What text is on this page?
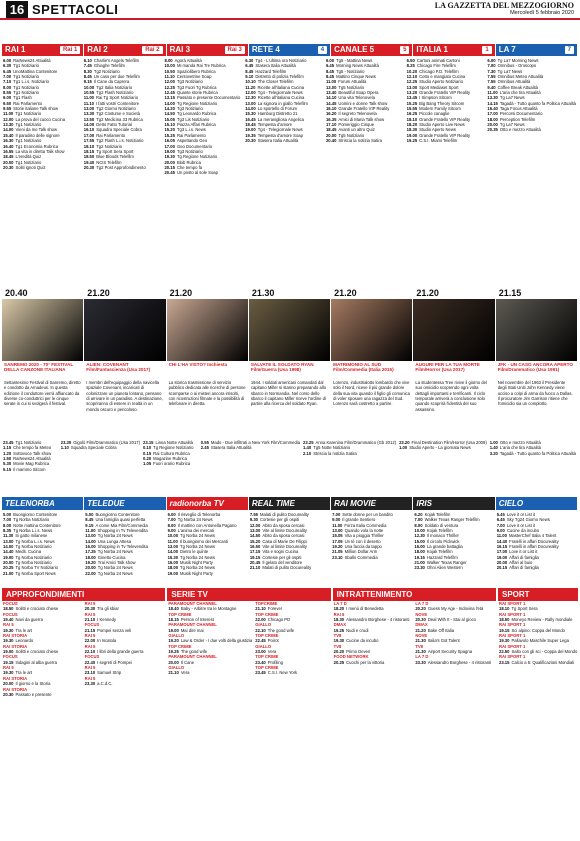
16 SPETTACOLI	LA GAZZETTA DEL MEZZOGIORNO
Mercoledì 5 febbraio 2020
RAI 1	Rai 1	RAI 2	Rai 2	RAI 3	Rai 3	RETE 4	4	CANALE 5	5	ITALIA 1	1	LA 7	7
6.00 RaiNews24 Attualità
6.30 Tg1 Notiziario
6.45 UnoMattina Contenitore
7.00 Tg1 Notiziario
7.10 Tg1 L.i.s. Notiziario
8.00 Tg1 Notiziario
8.55 Tg1 Notiziario
9.00 Tg1 Flash
9.50 Rai Parlamento
9.55 Storie italiane Talk show
11.00 Tg1 Notiziario
12.00 La prova del cuoco Cucina
13.30 Tg1 Notiziario
14.00 Vieni da me Talk show
15.40 Il paradiso delle signore
16.30 Tg1 Notiziario
16.40 Tg1 Economia Rubrica
16.55 La vita in diretta Talk show
18.45 L'eredità Quiz
20.00 Tg1 Notiziario
20.30 Soliti ignoti Quiz
6.10 Charlie's Angels Telefilm
7.45 Ghiaghe Telefilm
8.30 Tg2 Notiziario
8.45 Un caso per due Telefilm
9.15 Il Cane da Caprera
10.00 Tg2 Italia Notiziario
10.55 Tg2 Flash Notiziario
11.00 Rai Tg Sport Notiziario
11.10 I fatti vostri Contenitore
13.00 Tg2 Giorno Notiziario
13.30 Tg2 Costume e Società
13.50 Tg2 Medicina 33 Rubrica
14.00 Detto Fatto Tutorial
16.10 Squadra Speciale Cobra
17.00 Rai Parlamento
17.55 Tg2 Flash L.i.s. Notiziario
18.10 Tg2 Notiziario
18.15 Tg Sport Sera Sport
18.50 Blue Bloods Telefilm
19.40 NCIS Telefilm
20.30 Tg2 Post Approfondimento
8.00 Agorà Attualità
10.00 Mi manda Rai Tre Rubrica
10.50 Spaziolibero Rubrica
11.10 Centovetrine Soap
12.00 Tg3 Notiziario
12.25 Tg3 Fuori Tg Rubrica
12.45 Quante storie Rubrica
13.15 Passato e presente Documentario
14.00 Tg Regione Notiziario
14.20 Tg3 Notiziario
14.50 Tg Leonardo Rubrica
15.05 Tg3 Lis Notiziario
15.10 Piazza Affari Rubrica
15.20 Tg3 L.i.s. News
15.25 Rai Parlamento
16.05 Aspettando Geo
17.00 Geo Documentario
19.00 Tg3 Notiziario
19.30 Tg Regione Notiziario
20.00 Blob Rubrica
20.15 Che tempo fa
20.45 Un posto al sole Soap
6.30 Tg4 - L'ultima ora Notiziario
6.45 Stasera Italia Attualità
8.45 Hazzard Telefilm
9.10 Distretto di polizia Telefilm
10.10 The Closer Telefilm
11.20 Ricette all'italiana Cucina
12.00 Tg4 - Telegiornale News
12.30 Ricette all'italiana Cucina
13.00 La signora in giallo Telefilm
14.00 Lo sportello di Forum
15.30 Hamburg Distretto 21
16.45 La meravigliosa Angelica
18.45 Tempesta d'amore
19.00 Tg4 - Telegiornale News
19.35 Tempesta d'amore Soap
20.30 Stasera Italia Attualità
6.00 Tg5 - Mattina News
6.45 Morning News Attualità
8.45 Tg5 - Notiziario
8.45 Mattino Cinque News
11.00 Forum Attualità
13.00 Tg5 Notiziario
13.40 Beautiful Soap Opera
14.10 Una vita Telenovela
14.45 Uomini e donne Talk show
16.10 Grande Fratello VIP Reality
16.20 Il segreto Telenovela
16.35 Amici di Maria Talk show
17.10 Pomeriggio Cinque
18.45 Avanti un altro Quiz
20.00 Tg5 Notiziario
20.40 Striscia la notizia Satira
6.50 Cartoni animati Cartoni
8.25 Chicago Fire Telefilm
10.20 Chicago P.D. Telefilm
12.10 Cotto e mangiato Cucina
12.25 Studio Aperto Notiziario
13.00 Sport Mediaset Sport
13.20 Grande Fratello VIP Reality
13.45 I Simpson Sitcom
15.25 Big Bang Theory Sitcom
15.55 Modern Family Sitcom
16.25 Piccole canaglie
18.10 Grande Fratello VIP Reality
18.20 Studio Aperto Live News
18.30 Studio Aperto News
19.00 Grande Fratello VIP Reality
19.25 C.S.I. Miami Telefilm
6.00 Tg La7 Morning News
7.00 Omnibus - Oroscopo
7.30 Tg La7 News
7.55 Omnibus Meteo Attualità
7.55 Omnibus Attualità
9.40 Coffee Break Attualità
11.00 L'aria che tira Attualità
13.30 Tg La7 News
14.15 Tagadà - Tutto quanto fa Politica Attualità
16.40 Taga Focus Attualità
17.00 Percorsi Documentario
18.00 Perception Telefilm
20.00 Tg La7 News
20.35 Otto e mezzo Attualità
20.40
SANREMO 2020 - 70° FESTIVAL DELLA CANZONE ITALIANA
Settantesimo Festival di Sanremo, diretto e condotto da Amadeus. In questa edizione il conduttore verrà affiancato da diverse co-conduttrici per le cinque serate in cui si svolgerà il festival.
21.20
ALIEN: COVENANT Film/Fantascienza (Usa 2017)
I membri dell'equipaggio della navicella spaziale Covenant, incaricati di colonizzare un pianeta lontano, pensano di arrivare in un paradiso. A destinazione, scopriranno di essere in realtà in un mondo oscuro e pericoloso.
21.20
CHI L'HA VISTO? Inchiesta
La storica trasmissione di servizio pubblico dedicata alle ricerche di persone scomparse o ai misteri ancora irrisolti, con ricostruzioni filmate e la possibilità di telefonare in diretta.
21.30
SALVATE IL SOLDATO RYAN Film/Guerra (Usa 1998)
1944. I soldati americani comandati dal capitano Miller si stanno preparando allo sbarco in Normandia. Nel corso dello sbarco il capitano Miller riceve l'ordine di partire alla ricerca del soldato Ryan.
21.20
MATRIMONIO AL SUD Film/Commedia (Italia 2015)
Lorenzo, industrialotto lombardo che vive solo il Nord, riceve il più grande dolore della sua vita quando il figlio gli comunica di voler sposare una ragazza del Sud. Lorenzo sarà costretto a partire.
21.20
AUGURI PER LA TUA MORTE Film/Horror (Usa 2017)
La studentessa Tree rivive il giorno del suo omicidio scoprendo ogni volta dettagli importanti e terrificanti. Il ciclo temporale arriverà a conclusione solo quando scoprirà l'identità del suo assassino.
21.15
JFK - UN CASO ANCORA APERTO Film/Drammatico (Usa 1991)
Nel novembre del 1963 il Presidente degli Stati Uniti John Kennedy viene ucciso a colpi di arma da fuoco a Dallas. Il procuratore Jim Garrison ritiene che l'omicidio sia un complotto.
23.45 Tg1 Notiziario
1.15 Che tempo fa Meteo
1.20 Sottovoce Talk show
1.50 RaiNews24 Attualità
5.30 Movie Mag Rubrica
5.15 Il mammo Sitcom
23.30 Gigolò Film/Drammatico (Usa 2017)
1.10 Squadra Speciale Cobra
23.15 Linea Notte Attualità
0.10 Tg Regione Notiziario
0.15 Rai Cultura Rubrica
0.20 Magazine Rubrica
1.05 Fuori orario Rubrica
0.55 Mado - Due infiltrati a New York Film/Commedia
2.45 Stasera Italia Attualità
23.25 Anna Karenina Film/Drammatico (Gb 2012)
1.40 Tg5 Notte Notiziario
2.10 Striscia la notizia Satira
23.20 Final Destination Film/Horror (Usa 2009)
1.00 Studio Aperto - La giornata News
1.00 Otto e mezzo Attualità
1.40 L'aria che tira Attualità
3.20 Tagadà - Tutto quanto fa Politica Attualità
TELENORBA	TELEDUE	radionorba TV	REAL TIME	RAI MOVIE	IRIS	CIELO
5.00 Buongiorno Contenitore
7.00 Tg Norba Notiziario
8.00 Notte mattina Contenitore
8.35 Tg Norba L.i.s. News
11.30 Si gatto milanese
13.00 Tg Norba L.i.s. News
14.00 Tg Norba Notiziario
14.40 Medit. Cucina
19.00 Tg Norba Notiziario
20.00 Tg Norba Notiziario
20.25 Tg Norba TV Notiziario
21.00 Tg Norba Sport News
5.00 Buongiorno Contenitore
8.45 Una famiglia quasi perfetta
9.15 A come Mia Film/Commedia
11.00 Shopping in Tv Televendita
13.00 Tg Norba 24 News
14.00 Una Lunga Attesa
16.00 Shopping in Tv Televendita
17.25 Tg Norba 24 News
18.00 Ginetto Cucina
19.20 Trai Amici Talk show
20.00 Tg Norba 24 News
22.00 Tg Norba 24 News
6.00 Il risveglio di Telenorba
7.00 Tg Norba 24 News
8.00 Il mattino con Antonella Pagano
9.00 L'anima dei mercati
10.00 Tg Norba 24 News
11.00 Il buongiorno dei Mercanti
13.00 Tg Norba 24 News
14.00 Dietro le quinte
15.30 Tg Norba 24 News
16.00 Musik Night Party
18.00 Tg Norba 24 News
19.00 Musik Night Party
7.55 Malati di pulito Docureality
9.30 Cortesie per gli ospiti
12.00 Abito da sposa cercasi
13.00 Vite al limite Docureality
14.50 Abito da sposa cercasi
15.20 Casa di Marie De Filippi
16.50 Vite al limite Docureality
17.15 Vita e sogni Cucina
19.15 Cortesie per gli ospiti
20.45 Il gelato del venditore
21.10 Malati di pulito Docureality
7.00 Sette donne per un bandito
9.00 Il grande Sentiero
11.00 Forza Italia Commedia
13.00 Quando vola la notte
15.05 Vita a pioggia Thriller
17.05 Un tè con il deserto
19.20 Una faccia da tappo
21.05 Million Dollar Arm
23.10 Sballo Commedia
6.20 Kojak Telefilm
7.00 Walker Texas Ranger Telefilm
8.00 Soldato di ventura
10.00 Kojak Telefilm
12.30 Il monaco Thriller
15.00 Il circolo Pickwick
16.00 La grande battaglia
18.00 Kojak Telefilm
19.15 Hazzard Telefilm
21.00 Walker Texas Ranger
23.30 Ohni Alien Western
5.45 Love it or List it
6.45 Sky Tg24 Giorno News
7.00 Love it or List it
9.00 Cucine da incubo
11.00 MasterChef Italia 4 Talent
14.40 Fratelli in affari Docureality
16.15 Fratelli in affari Docureality
17.00 Love it or List it
19.00 Affari di famiglia
20.00 Affari al buio
20.15 Affari di famiglia
APPROFONDIMENTI
FOCUS
18.50 Solitti e crociato chiese
FOCUS
19.40 Navi da guerra
RAI 5
19.30 Tra le art
RAI STORIA
19.30 Leonardo
RAI STORIA
19.00 Solitti e crociato chiese
FOCUS
19.15 Indagini al alba guerra
RAI 5
19.30 Tra le art
RAI STORIA
20.00 Il giorno e la Storia
RAI STORIA
20.30 Passato e presente
RAI 5
20.30 Tra gli sbiar
RAI 5
21.10 I Kennedy
FOCUS
21.15 Pompei senza veli
RAI 5
22.00 In Iscatola
RAI 5
22.10 I libri della grande guerra
FOCUS
22.40 I segreti di Pompei
RAI 5
23.10 Samuel Strip
RAI 5
23.30 a.C.d.C.
SERIE TV
PARAMOUNT CHANNEL
18.40 Baby - Arbitre tra le Montagne
TOP CRIME
18.15 Person of Interest
PARAMOUNT CHANNEL
19.00 Mai dire mai
GIALLO
19.20 Law & Order - I due volti della giustizia
TOP CRIME
19.25 The good wife
PARAMOUNT CHANNEL
20.00 Il Cane
GIALLO
21.10 Vera
TOPCRIME
21.10 Forever
TOP CRIME
22.00 Chicago PD
GIALLO
22.10 The good wife
TOP CRIME
22.45 Poirot
GIALLO
23.00 Vera
TOP CRIME
23.40 Profiling
TOP CRIME
23.45 C.S.I. New York
INTRATTENIMENTO
LA 7 D
18.20 I menù di Benedetta
RAI 5
18.30 Alessandro Borghese - 4 ristoranti
DMAX
19.25 Nudi e crudi
TV8
19.30 Cucine da incubo
TV8
20.20 Primo Deveri
FOOD NETWORK
20.25 Cuochi per la vittoria
LA 7 D
20.20 Guess My Age - Indovina l'età
NOVE
20.30 Deal With It - Stai al gioco
DMAX
21.20 Bake Off Italia
NOVE
21.30 Italia's Got Talent
TV8
21.30 Airport Security Spagna
LA 7 D
23.30 Alessandro Borghese - 4 ristoranti
SPORT
RAI SPORT 1
18.10 Tg Sport Sera
RAI SPORT 1
18.50 Moneyo Review - Rally mondiale
RAI SPORT 1
19.15 Sci alpino: Coppa del Mondo
RAI SPORT 1
19.30 Pallavolo Maschile Super Lega
RAI SPORT 1
22.50 Salto con gli sci - Coppa del Mondo
RAI SPORT 1
23.15 Calcio a 5: Qualificazioni Mondiali
